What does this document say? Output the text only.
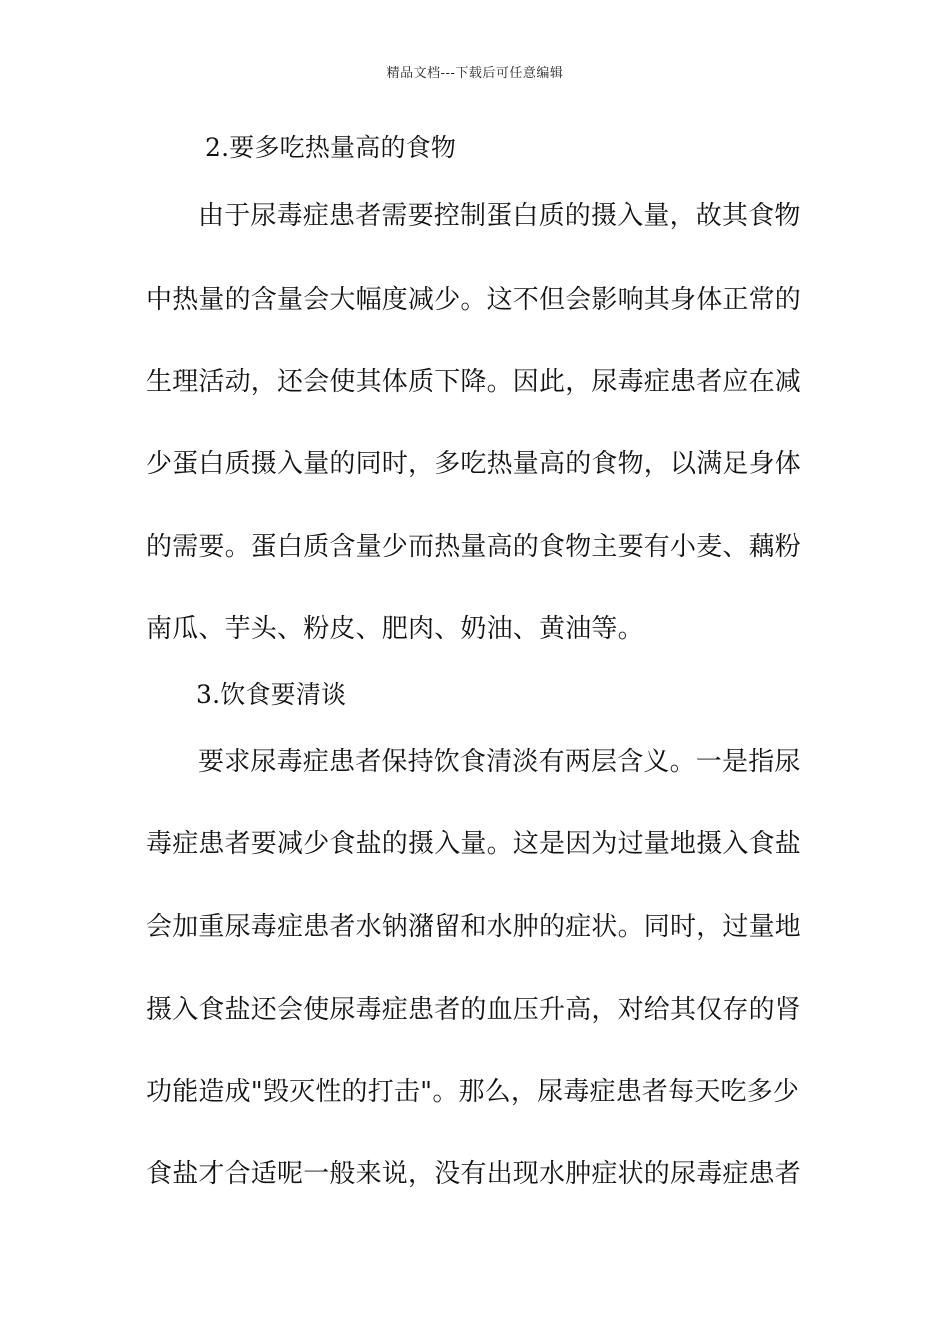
精品文档---下载后可任意编辑
2.要多吃热量高的食物
由于尿毒症患者需要控制蛋白质的摄入量，故其食物
中热量的含量会大幅度减少。这不但会影响其身体正常的
生理活动，还会使其体质下降。因此，尿毒症患者应在减
少蛋白质摄入量的同时，多吃热量高的食物，以满足身体
的需要。蛋白质含量少而热量高的食物主要有小麦、藕粉
南瓜、芋头、粉皮、肥肉、奶油、黄油等。
3.饮食要清谈
要求尿毒症患者保持饮食清淡有两层含义。一是指尿
毒症患者要减少食盐的摄入量。这是因为过量地摄入食盐
会加重尿毒症患者水钠潴留和水肿的症状。同时，过量地
摄入食盐还会使尿毒症患者的血压升高，对给其仅存的肾
功能造成"毁灭性的打击"。那么，尿毒症患者每天吃多少
食盐才合适呢一般来说，没有出现水肿症状的尿毒症患者
